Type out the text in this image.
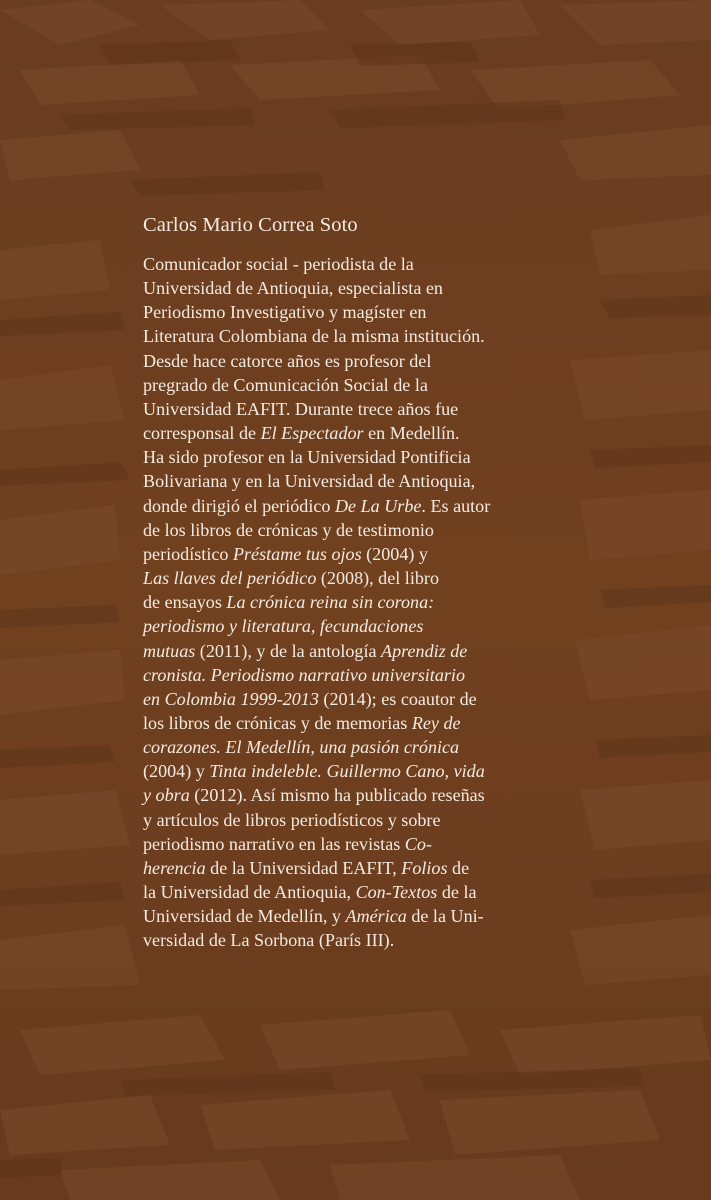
Carlos Mario Correa Soto

Comunicador social - periodista de la
Universidad de Antioquia, especialista en
Periodismo Investigativo y magíster en
Literatura Colombiana de la misma institución.
Desde hace catorce años es profesor del
pregrado de Comunicación Social de la
Universidad EAFIT. Durante trece años fue
corresponsal de El Espectador en Medellín.
Ha sido profesor en la Universidad Pontificia
Bolivariana y en la Universidad de Antioquia,
donde dirigió el periódico De La Urbe. Es autor
de los libros de crónicas y de testimonio
periodístico Préstame tus ojos (2004) y
Las llaves del periódico (2008), del libro
de ensayos La crónica reina sin corona:
periodismo y literatura, fecundaciones
mutuas (2011), y de la antología Aprendiz de
cronista. Periodismo narrativo universitario
en Colombia 1999-2013 (2014); es coautor de
los libros de crónicas y de memorias Rey de
corazones. El Medellín, una pasión crónica
(2004) y Tinta indeleble. Guillermo Cano, vida
y obra (2012). Así mismo ha publicado reseñas
y artículos de libros periodísticos y sobre
periodismo narrativo en las revistas Co-
herencia de la Universidad EAFIT, Folios de
la Universidad de Antioquia, Con-Textos de la
Universidad de Medellín, y América de la Uni-
versidad de La Sorbona (París III).
